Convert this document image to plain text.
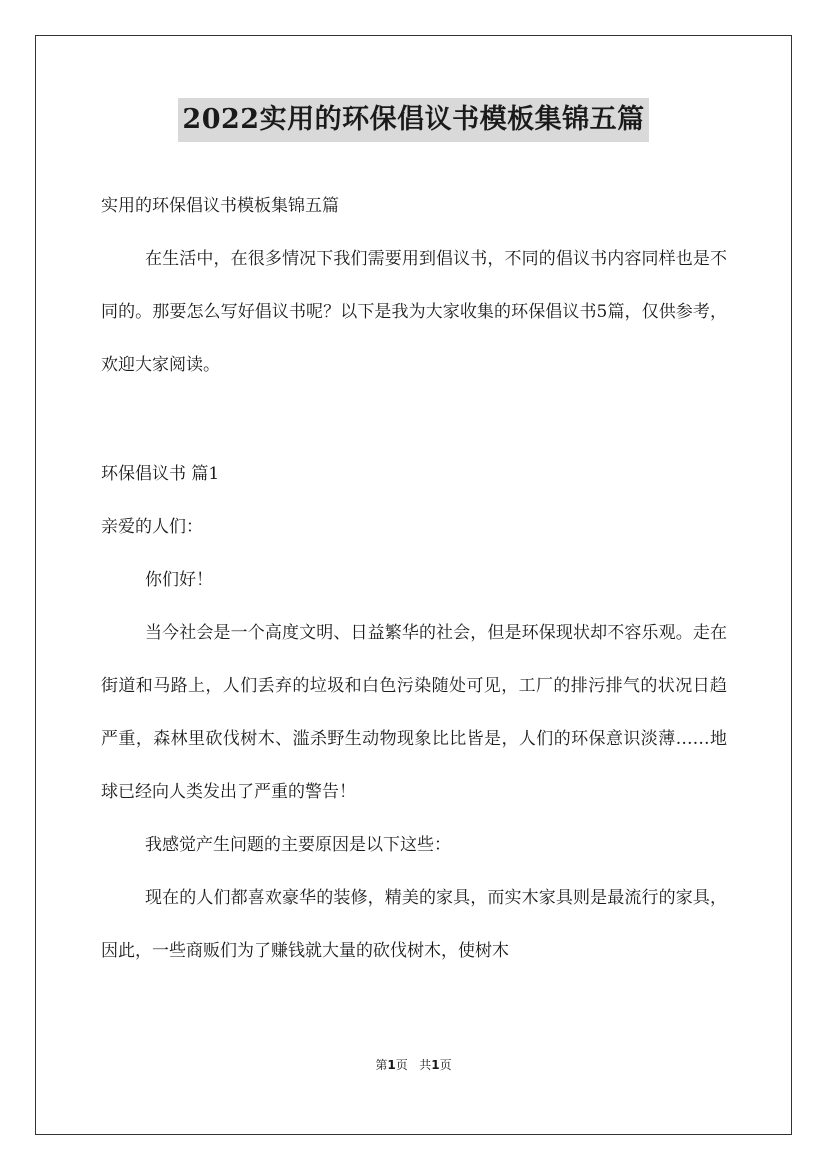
2022实用的环保倡议书模板集锦五篇

实用的环保倡议书模板集锦五篇

在生活中，在很多情况下我们需要用到倡议书，不同的倡议书内容同样也是不同的。那要怎么写好倡议书呢？以下是我为大家收集的环保倡议书5篇，仅供参考，欢迎大家阅读。

环保倡议书 篇1

亲爱的人们：

你们好！

当今社会是一个高度文明、日益繁华的社会，但是环保现状却不容乐观。走在街道和马路上，人们丢弃的垃圾和白色污染随处可见，工厂的排污排气的状况日趋严重，森林里砍伐树木、滥杀野生动物现象比比皆是，人们的环保意识淡薄……地球已经向人类发出了严重的警告！

我感觉产生问题的主要原因是以下这些：

现在的人们都喜欢豪华的装修，精美的家具，而实木家具则是最流行的家具，因此，一些商贩们为了赚钱就大量的砍伐树木，使树木

第1页 共1页
